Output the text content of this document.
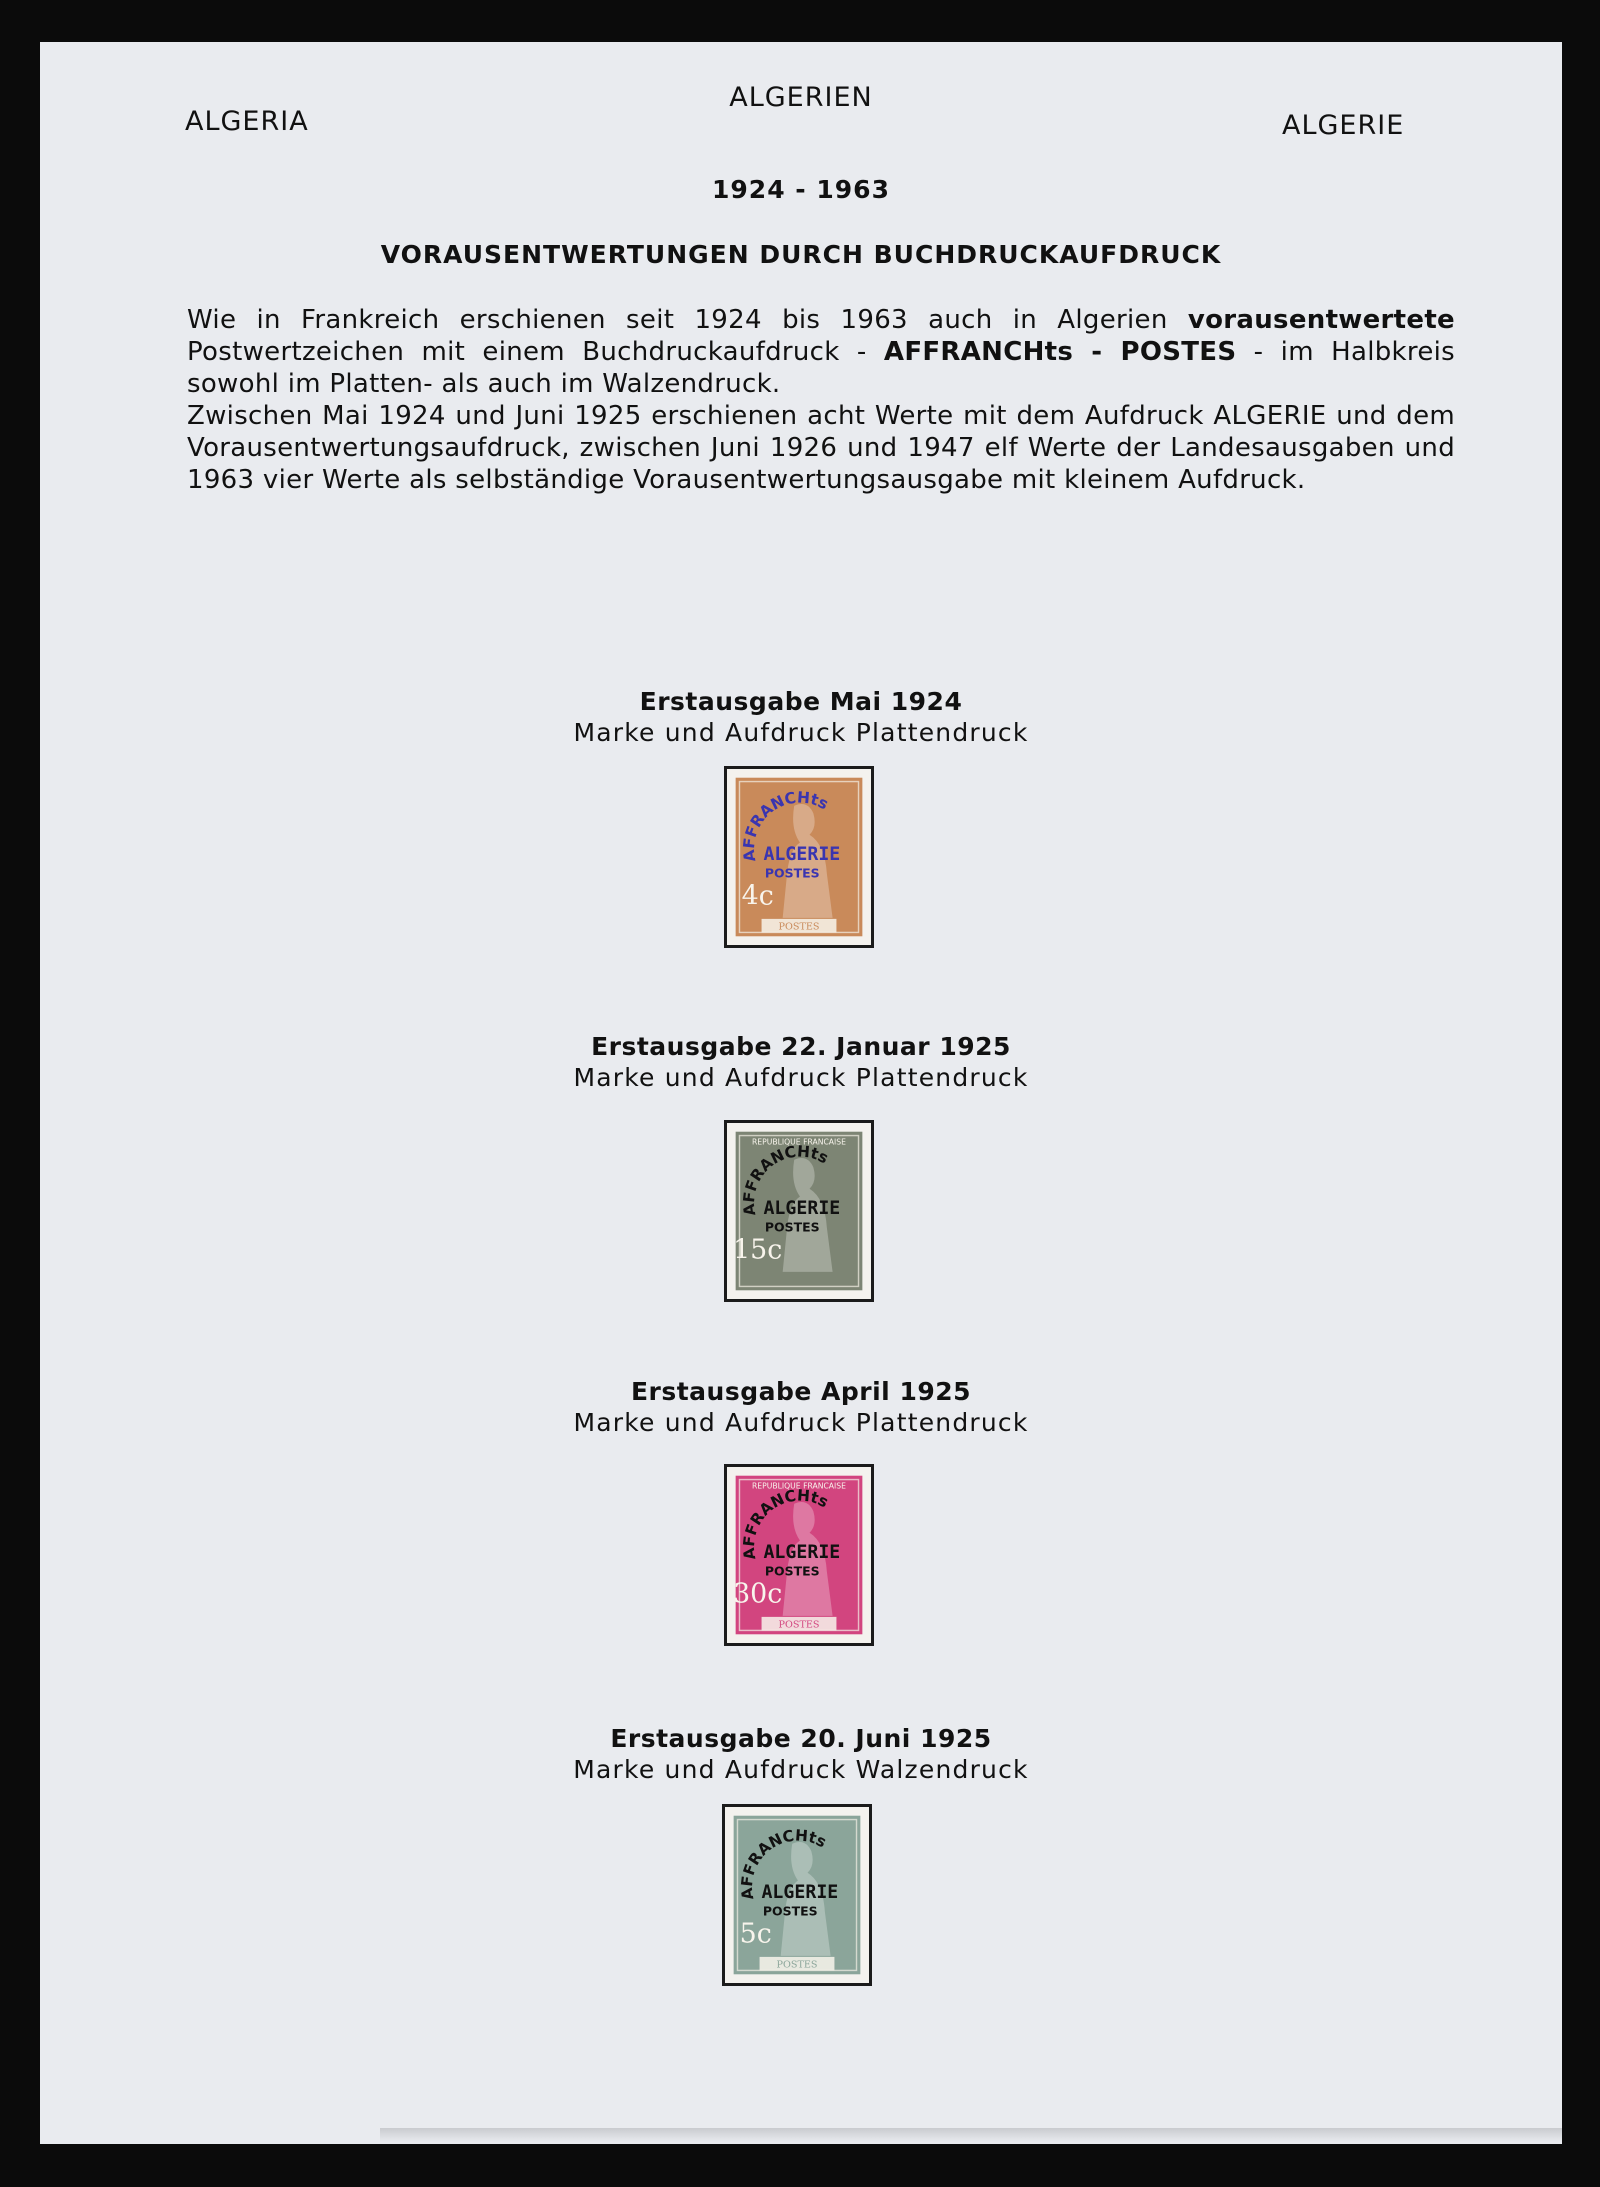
ALGERIA
ALGERIEN
ALGERIE
1924 - 1963
VORAUSENTWERTUNGEN DURCH BUCHDRUCKAUFDRUCK

Wie in Frankreich erschienen seit 1924 bis 1963 auch in Algerien vorausentwertete Postwertzeichen mit einem Buchdruckaufdruck - AFFRANCHts - POSTES - im Halbkreis sowohl im Platten- als auch im Walzendruck.

Zwischen Mai 1924 und Juni 1925 erschienen acht Werte mit dem Aufdruck ALGERIE und dem Vorausentwertungsaufdruck, zwischen Juni 1926 und 1947 elf Werte der Landesausgaben und 1963 vier Werte als selbständige Vorausentwertungsausgabe mit kleinem Aufdruck.

Erstausgabe Mai 1924
Marke und Aufdruck Plattendruck
POSTES
4c
AFFRANCHts
POSTES
ALGERIE
Erstausgabe 22. Januar 1925
Marke und Aufdruck Plattendruck
REPUBLIQUE FRANCAISE
15c
AFFRANCHts
POSTES
ALGERIE
Erstausgabe April 1925
Marke und Aufdruck Plattendruck
REPUBLIQUE FRANCAISE
POSTES
30c
AFFRANCHts
POSTES
ALGERIE
Erstausgabe 20. Juni 1925
Marke und Aufdruck Walzendruck
POSTES
5c
AFFRANCHts
POSTES
ALGERIE
